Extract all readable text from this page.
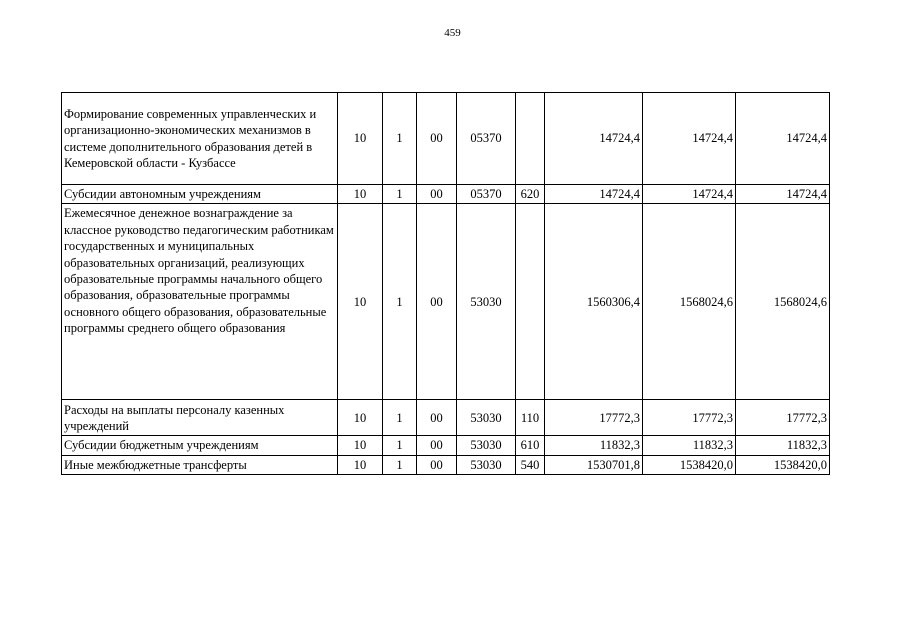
459
Формирование современных управленческих и организационно-экономических механизмов в системе дополнительного образования детей в Кемеровской области - Кузбассе	10	1	00	05370		14724,4	14724,4	14724,4
Субсидии автономным учреждениям	10	1	00	05370	620	14724,4	14724,4	14724,4
Ежемесячное денежное вознаграждение за классное руководство педагогическим работникам государственных и муниципальных образовательных организаций, реализующих образовательные программы начального общего образования, образовательные программы основного общего образования, образовательные программы среднего общего образования	10	1	00	53030		1560306,4	1568024,6	1568024,6
Расходы на выплаты персоналу казенных учреждений	10	1	00	53030	110	17772,3	17772,3	17772,3
Субсидии бюджетным учреждениям	10	1	00	53030	610	11832,3	11832,3	11832,3
Иные межбюджетные трансферты	10	1	00	53030	540	1530701,8	1538420,0	1538420,0
